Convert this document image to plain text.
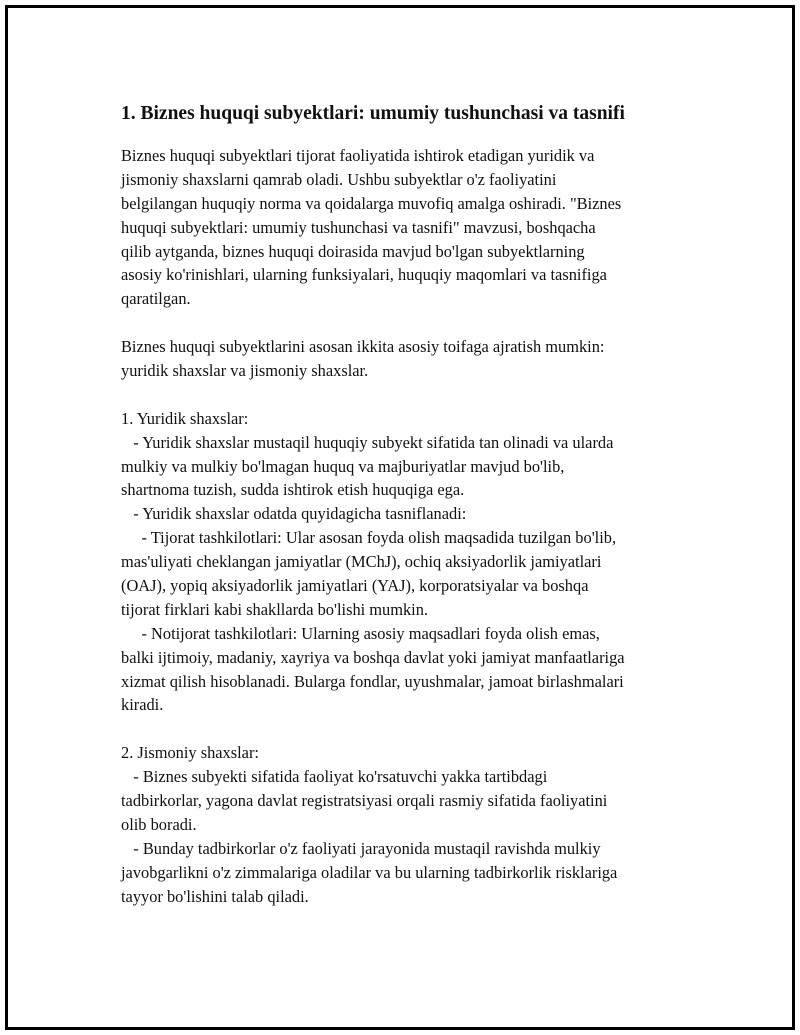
1. Biznes huquqi subyektlari: umumiy tushunchasi va tasnifi
Biznes huquqi subyektlari tijorat faoliyatida ishtirok etadigan yuridik va
jismoniy shaxslarni qamrab oladi. Ushbu subyektlar o'z faoliyatini
belgilangan huquqiy norma va qoidalarga muvofiq amalga oshiradi. "Biznes
huquqi subyektlari: umumiy tushunchasi va tasnifi" mavzusi, boshqacha
qilib aytganda, biznes huquqi doirasida mavjud bo'lgan subyektlarning
asosiy ko'rinishlari, ularning funksiyalari, huquqiy maqomlari va tasnifiga
qaratilgan.
Biznes huquqi subyektlarini asosan ikkita asosiy toifaga ajratish mumkin:
yuridik shaxslar va jismoniy shaxslar.
1. Yuridik shaxslar:
- Yuridik shaxslar mustaqil huquqiy subyekt sifatida tan olinadi va ularda
mulkiy va mulkiy bo'lmagan huquq va majburiyatlar mavjud bo'lib,
shartnoma tuzish, sudda ishtirok etish huquqiga ega.
- Yuridik shaxslar odatda quyidagicha tasniflanadi:
- Tijorat tashkilotlari: Ular asosan foyda olish maqsadida tuzilgan bo'lib,
mas'uliyati cheklangan jamiyatlar (MChJ), ochiq aksiyadorlik jamiyatlari
(OAJ), yopiq aksiyadorlik jamiyatlari (YAJ), korporatsiyalar va boshqa
tijorat firklari kabi shakllarda bo'lishi mumkin.
- Notijorat tashkilotlari: Ularning asosiy maqsadlari foyda olish emas,
balki ijtimoiy, madaniy, xayriya va boshqa davlat yoki jamiyat manfaatlariga
xizmat qilish hisoblanadi. Bularga fondlar, uyushmalar, jamoat birlashmalari
kiradi.
2. Jismoniy shaxslar:
- Biznes subyekti sifatida faoliyat ko'rsatuvchi yakka tartibdagi
tadbirkorlar, yagona davlat registratsiyasi orqali rasmiy sifatida faoliyatini
olib boradi.
- Bunday tadbirkorlar o'z faoliyati jarayonida mustaqil ravishda mulkiy
javobgarlikni o'z zimmalariga oladilar va bu ularning tadbirkorlik risklariga
tayyor bo'lishini talab qiladi.
